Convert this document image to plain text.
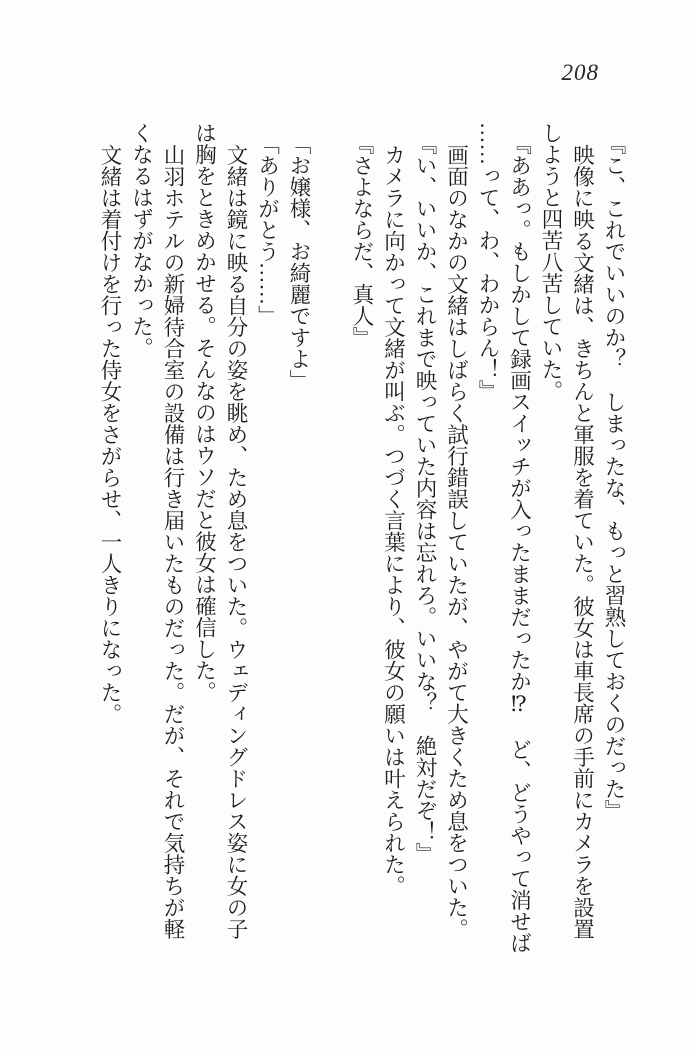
208
『こ、これでいいのか？　しまったな、もっと習熟しておくのだった』
映像に映る文緒は、きちんと軍服を着ていた。彼女は車長席の手前にカメラを設置
しようと四苦八苦していた。
『ああっ。もしかして録画スイッチが入ったままだったか⁉　ど、どうやって消せば
……って、わ、わからん！』
画面のなかの文緒はしばらく試行錯誤していたが、やがて大きくため息をついた。
『い、いいか、これまで映っていた内容は忘れろ。いいな？　絶対だぞ！』
カメラに向かって文緒が叫ぶ。つづく言葉により、彼女の願いは叶えられた。
『さよならだ、真人』

「お嬢様、お綺麗ですよ」
「ありがとう……」
文緒は鏡に映る自分の姿を眺め、ため息をついた。ウェディングドレス姿に女の子
は胸をときめかせる。そんなのはウソだと彼女は確信した。
山羽ホテルの新婦待合室の設備は行き届いたものだった。だが、それで気持ちが軽
くなるはずがなかった。
文緒は着付けを行った侍女をさがらせ、一人きりになった。
